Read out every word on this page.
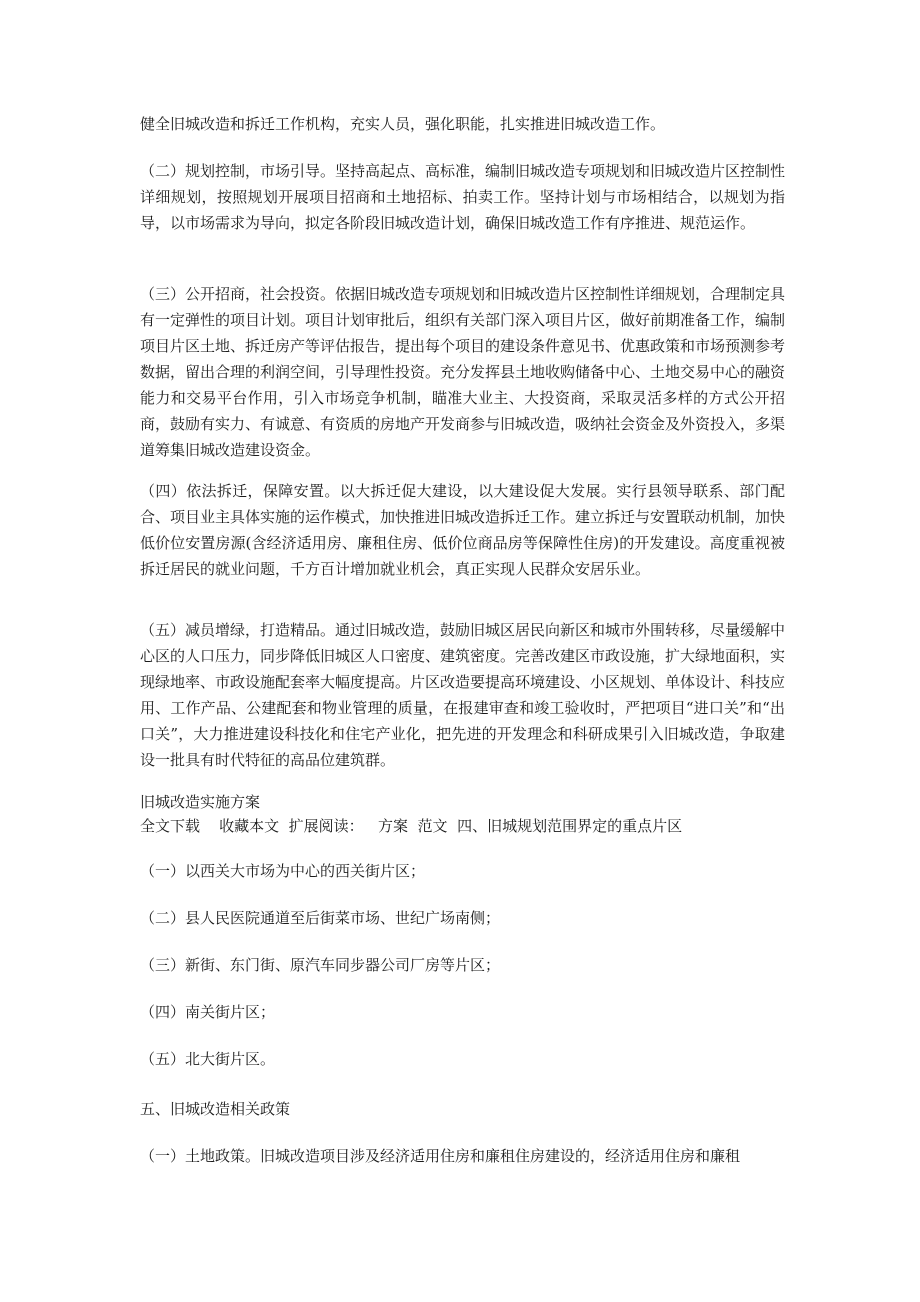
健全旧城改造和拆迁工作机构，充实人员，强化职能，扎实推进旧城改造工作。

（二）规划控制，市场引导。坚持高起点、高标准，编制旧城改造专项规划和旧城改造片区控制性详细规划，按照规划开展项目招商和土地招标、拍卖工作。坚持计划与市场相结合，以规划为指导，以市场需求为导向，拟定各阶段旧城改造计划，确保旧城改造工作有序推进、规范运作。

（三）公开招商，社会投资。依据旧城改造专项规划和旧城改造片区控制性详细规划，合理制定具有一定弹性的项目计划。项目计划审批后，组织有关部门深入项目片区，做好前期准备工作，编制项目片区土地、拆迁房产等评估报告，提出每个项目的建设条件意见书、优惠政策和市场预测参考数据，留出合理的利润空间，引导理性投资。充分发挥县土地收购储备中心、土地交易中心的融资能力和交易平台作用，引入市场竞争机制，瞄准大业主、大投资商，采取灵活多样的方式公开招商，鼓励有实力、有诚意、有资质的房地产开发商参与旧城改造，吸纳社会资金及外资投入，多渠道筹集旧城改造建设资金。

（四）依法拆迁，保障安置。以大拆迁促大建设，以大建设促大发展。实行县领导联系、部门配合、项目业主具体实施的运作模式，加快推进旧城改造拆迁工作。建立拆迁与安置联动机制，加快低价位安置房源(含经济适用房、廉租住房、低价位商品房等保障性住房)的开发建设。高度重视被拆迁居民的就业问题，千方百计增加就业机会，真正实现人民群众安居乐业。

（五）减员增绿，打造精品。通过旧城改造，鼓励旧城区居民向新区和城市外围转移，尽量缓解中心区的人口压力，同步降低旧城区人口密度、建筑密度。完善改建区市政设施，扩大绿地面积，实现绿地率、市政设施配套率大幅度提高。片区改造要提高环境建设、小区规划、单体设计、科技应用、工作产品、公建配套和物业管理的质量，在报建审查和竣工验收时，严把项目“进口关”和“出口关”，大力推进建设科技化和住宅产业化，把先进的开发理念和科研成果引入旧城改造，争取建设一批具有时代特征的高品位建筑群。

旧城改造实施方案

全文下载 收藏本文 扩展阅读： 方案 范文 四、旧城规划范围界定的重点片区

（一）以西关大市场为中心的西关街片区；

（二）县人民医院通道至后街菜市场、世纪广场南侧；

（三）新街、东门街、原汽车同步器公司厂房等片区；

（四）南关街片区；

（五）北大街片区。

五、旧城改造相关政策

（一）土地政策。旧城改造项目涉及经济适用住房和廉租住房建设的，经济适用住房和廉租
